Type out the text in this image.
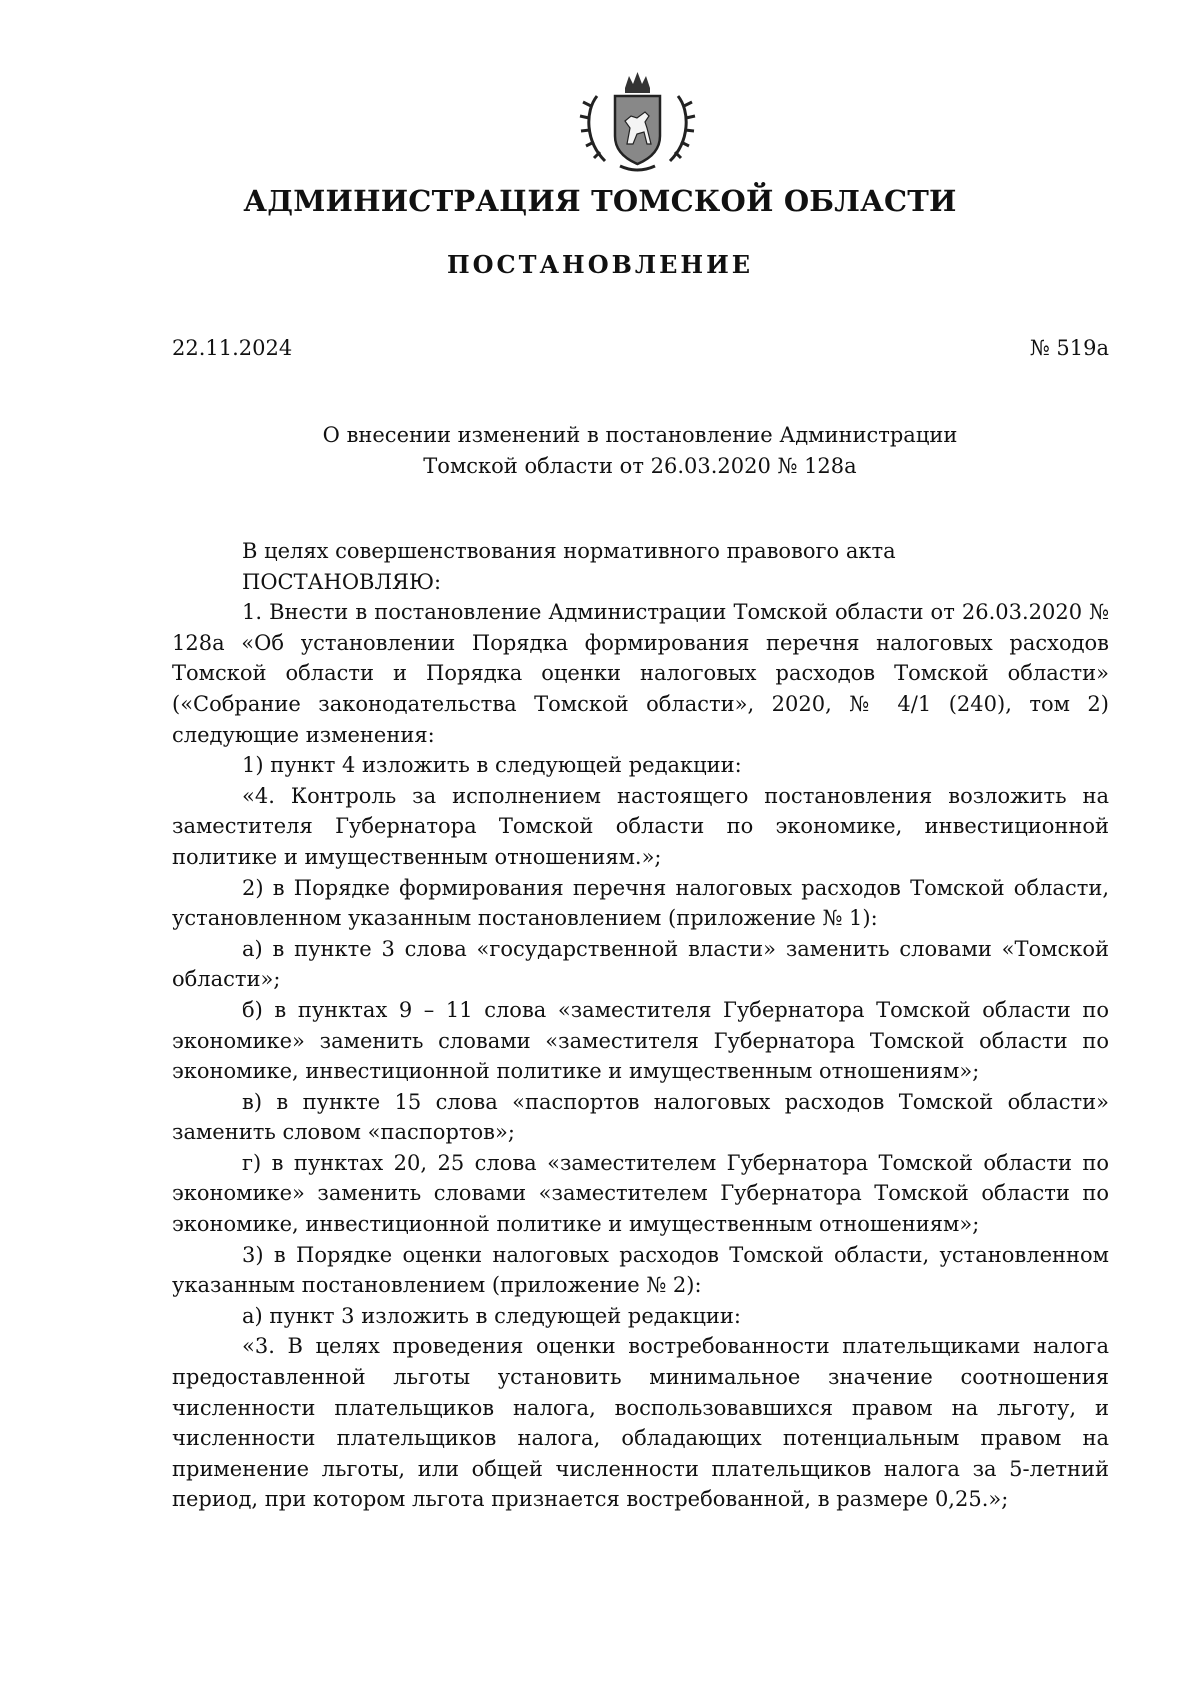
АДМИНИСТРАЦИЯ ТОМСКОЙ ОБЛАСТИ
ПОСТАНОВЛЕНИЕ
22.11.2024	№ 519а
О внесении изменений в постановление Администрации
Томской области от 26.03.2020 № 128а

В целях совершенствования нормативного правового акта

ПОСТАНОВЛЯЮ:

1. Внести в постановление Администрации Томской области от 26.03.2020 № 128а «Об установлении Порядка формирования перечня налоговых расходов Томской области и Порядка оценки налоговых расходов Томской области» («Собрание законодательства Томской области», 2020, № 4/1 (240), том 2) следующие изменения:

1) пункт 4 изложить в следующей редакции:

«4. Контроль за исполнением настоящего постановления возложить на заместителя Губернатора Томской области по экономике, инвестиционной политике и имущественным отношениям.»;

2) в Порядке формирования перечня налоговых расходов Томской области, установленном указанным постановлением (приложение № 1):

а) в пункте 3 слова «государственной власти» заменить словами «Томской области»;

б) в пунктах 9 – 11 слова «заместителя Губернатора Томской области по экономике» заменить словами «заместителя Губернатора Томской области по экономике, инвестиционной политике и имущественным отношениям»;

в) в пункте 15 слова «паспортов налоговых расходов Томской области» заменить словом «паспортов»;

г) в пунктах 20, 25 слова «заместителем Губернатора Томской области по экономике» заменить словами «заместителем Губернатора Томской области по экономике, инвестиционной политике и имущественным отношениям»;

3) в Порядке оценки налоговых расходов Томской области, установленном указанным постановлением (приложение № 2):

а) пункт 3 изложить в следующей редакции:

«3. В целях проведения оценки востребованности плательщиками налога предоставленной льготы установить минимальное значение соотношения численности плательщиков налога, воспользовавшихся правом на льготу, и численности плательщиков налога, обладающих потенциальным правом на применение льготы, или общей численности плательщиков налога за 5-летний период, при котором льгота признается востребованной, в размере 0,25.»;
